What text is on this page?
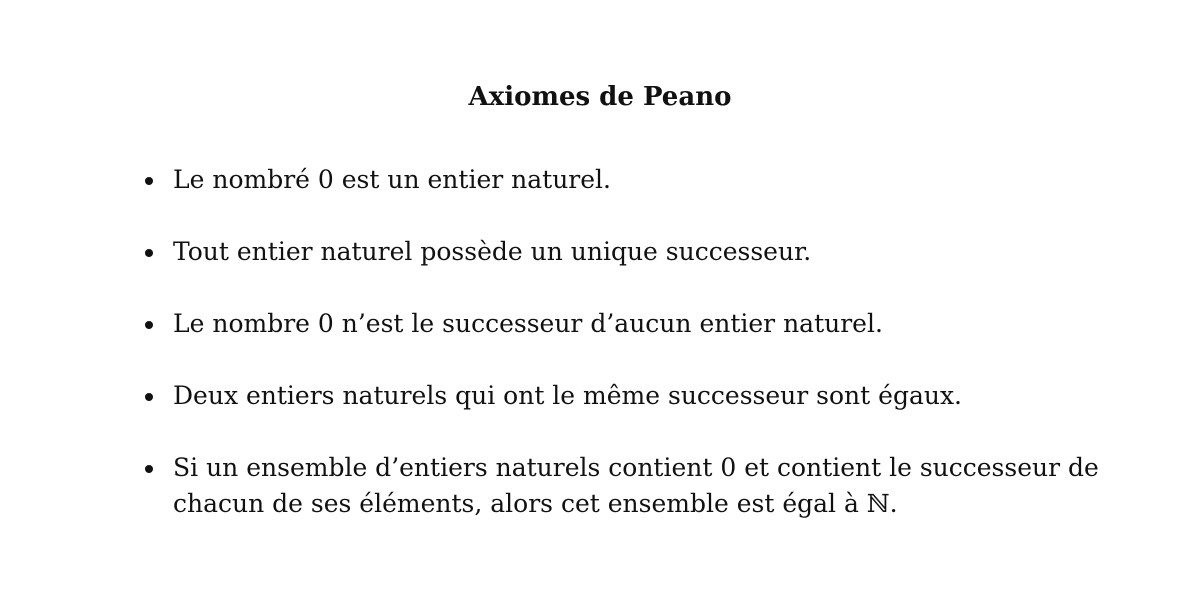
Axiomes de Peano
Le nombré 0 est un entier naturel.
Tout entier naturel possède un unique successeur.
Le nombre 0 n’est le successeur d’aucun entier naturel.
Deux entiers naturels qui ont le même successeur sont égaux.
Si un ensemble d’entiers naturels contient 0 et contient le successeur de chacun de ses éléments, alors cet ensemble est égal à ℕ.
